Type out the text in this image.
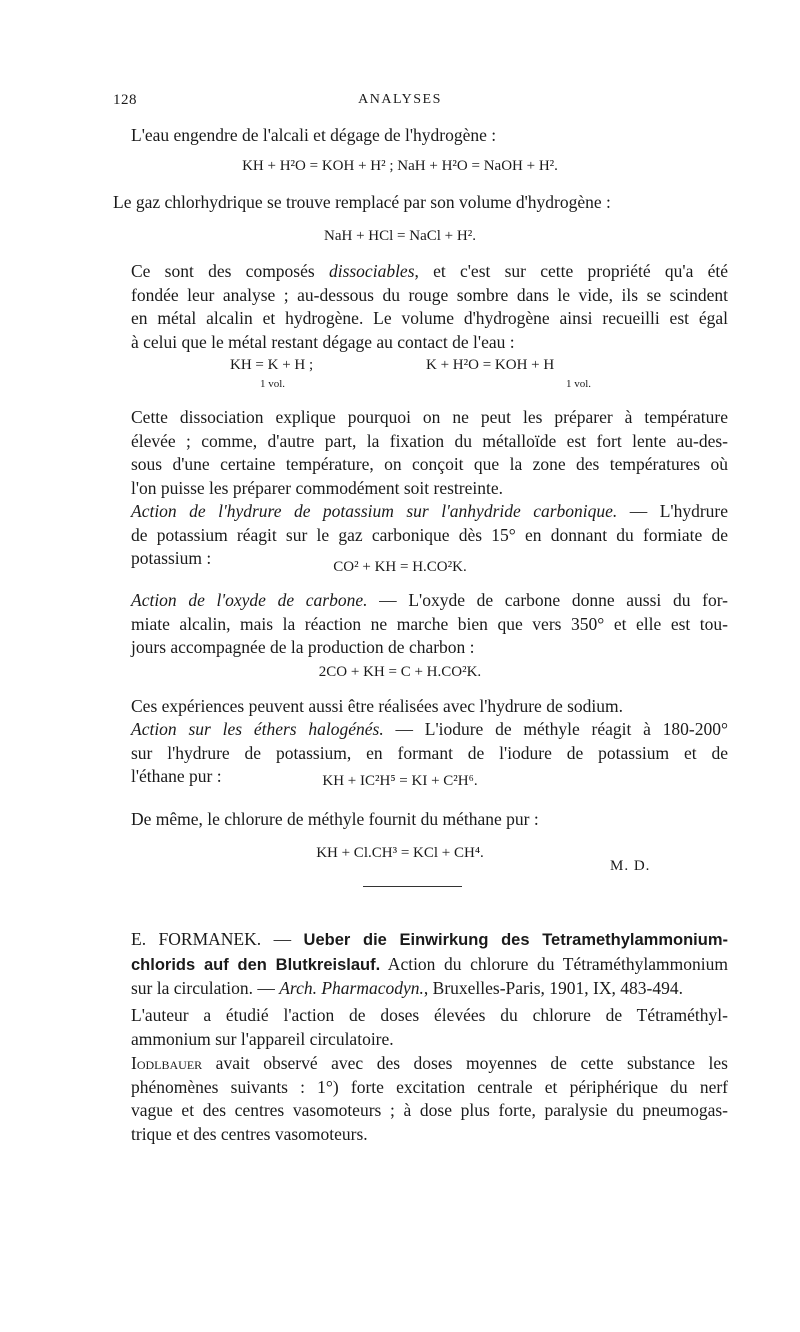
ANALYSES
128
L'eau engendre de l'alcali et dégage de l'hydrogène :
KH + H²O = KOH + H² ; NaH + H²O = NaOH + H².
Le gaz chlorhydrique se trouve remplacé par son volume d'hydrogène :
NaH + HCl = NaCl + H².
Ce sont des composés dissociables, et c'est sur cette propriété qu'a été
fondée leur analyse ; au-dessous du rouge sombre dans le vide, ils se scindent
en métal alcalin et hydrogène. Le volume d'hydrogène ainsi recueilli est égal
à celui que le métal restant dégage au contact de l'eau :
KH = K + H ;	K + H²O = KOH + H
1 vol.	1 vol.
Cette dissociation explique pourquoi on ne peut les préparer à température
élevée ; comme, d'autre part, la fixation du métalloïde est fort lente au-des-
sous d'une certaine température, on conçoit que la zone des températures où
l'on puisse les préparer commodément soit restreinte.
Action de l'hydrure de potassium sur l'anhydride carbonique. — L'hydrure
de potassium réagit sur le gaz carbonique dès 15° en donnant du formiate de
potassium :	CO² + KH = H.CO²K.
Action de l'oxyde de carbone. — L'oxyde de carbone donne aussi du for-
miate alcalin, mais la réaction ne marche bien que vers 350° et elle est tou-
jours accompagnée de la production de charbon :
2CO + KH = C + H.CO²K.
Ces expériences peuvent aussi être réalisées avec l'hydrure de sodium.
Action sur les éthers halogénés. — L'iodure de méthyle réagit à 180-200°
sur l'hydrure de potassium, en formant de l'iodure de potassium et de
l'éthane pur :	KH + IC²H⁵ = KI + C²H⁶.
De même, le chlorure de méthyle fournit du méthane pur :
KH + Cl.CH³ = KCl + CH⁴.
M. D.
E. FORMANEK. — Ueber die Einwirkung des Tetramethylammonium-
chlorids auf den Blutkreislauf. Action du chlorure du Tétraméthylammonium
sur la circulation. — Arch. Pharmacodyn., Bruxelles-Paris, 1901, IX, 483-494.
L'auteur a étudié l'action de doses élevées du chlorure de Tétraméthyl-
ammonium sur l'appareil circulatoire.
Iodlbauer avait observé avec des doses moyennes de cette substance les
phénomènes suivants : 1°) forte excitation centrale et périphérique du nerf
vague et des centres vasomoteurs ; à dose plus forte, paralysie du pneumogas-
trique et des centres vasomoteurs.
